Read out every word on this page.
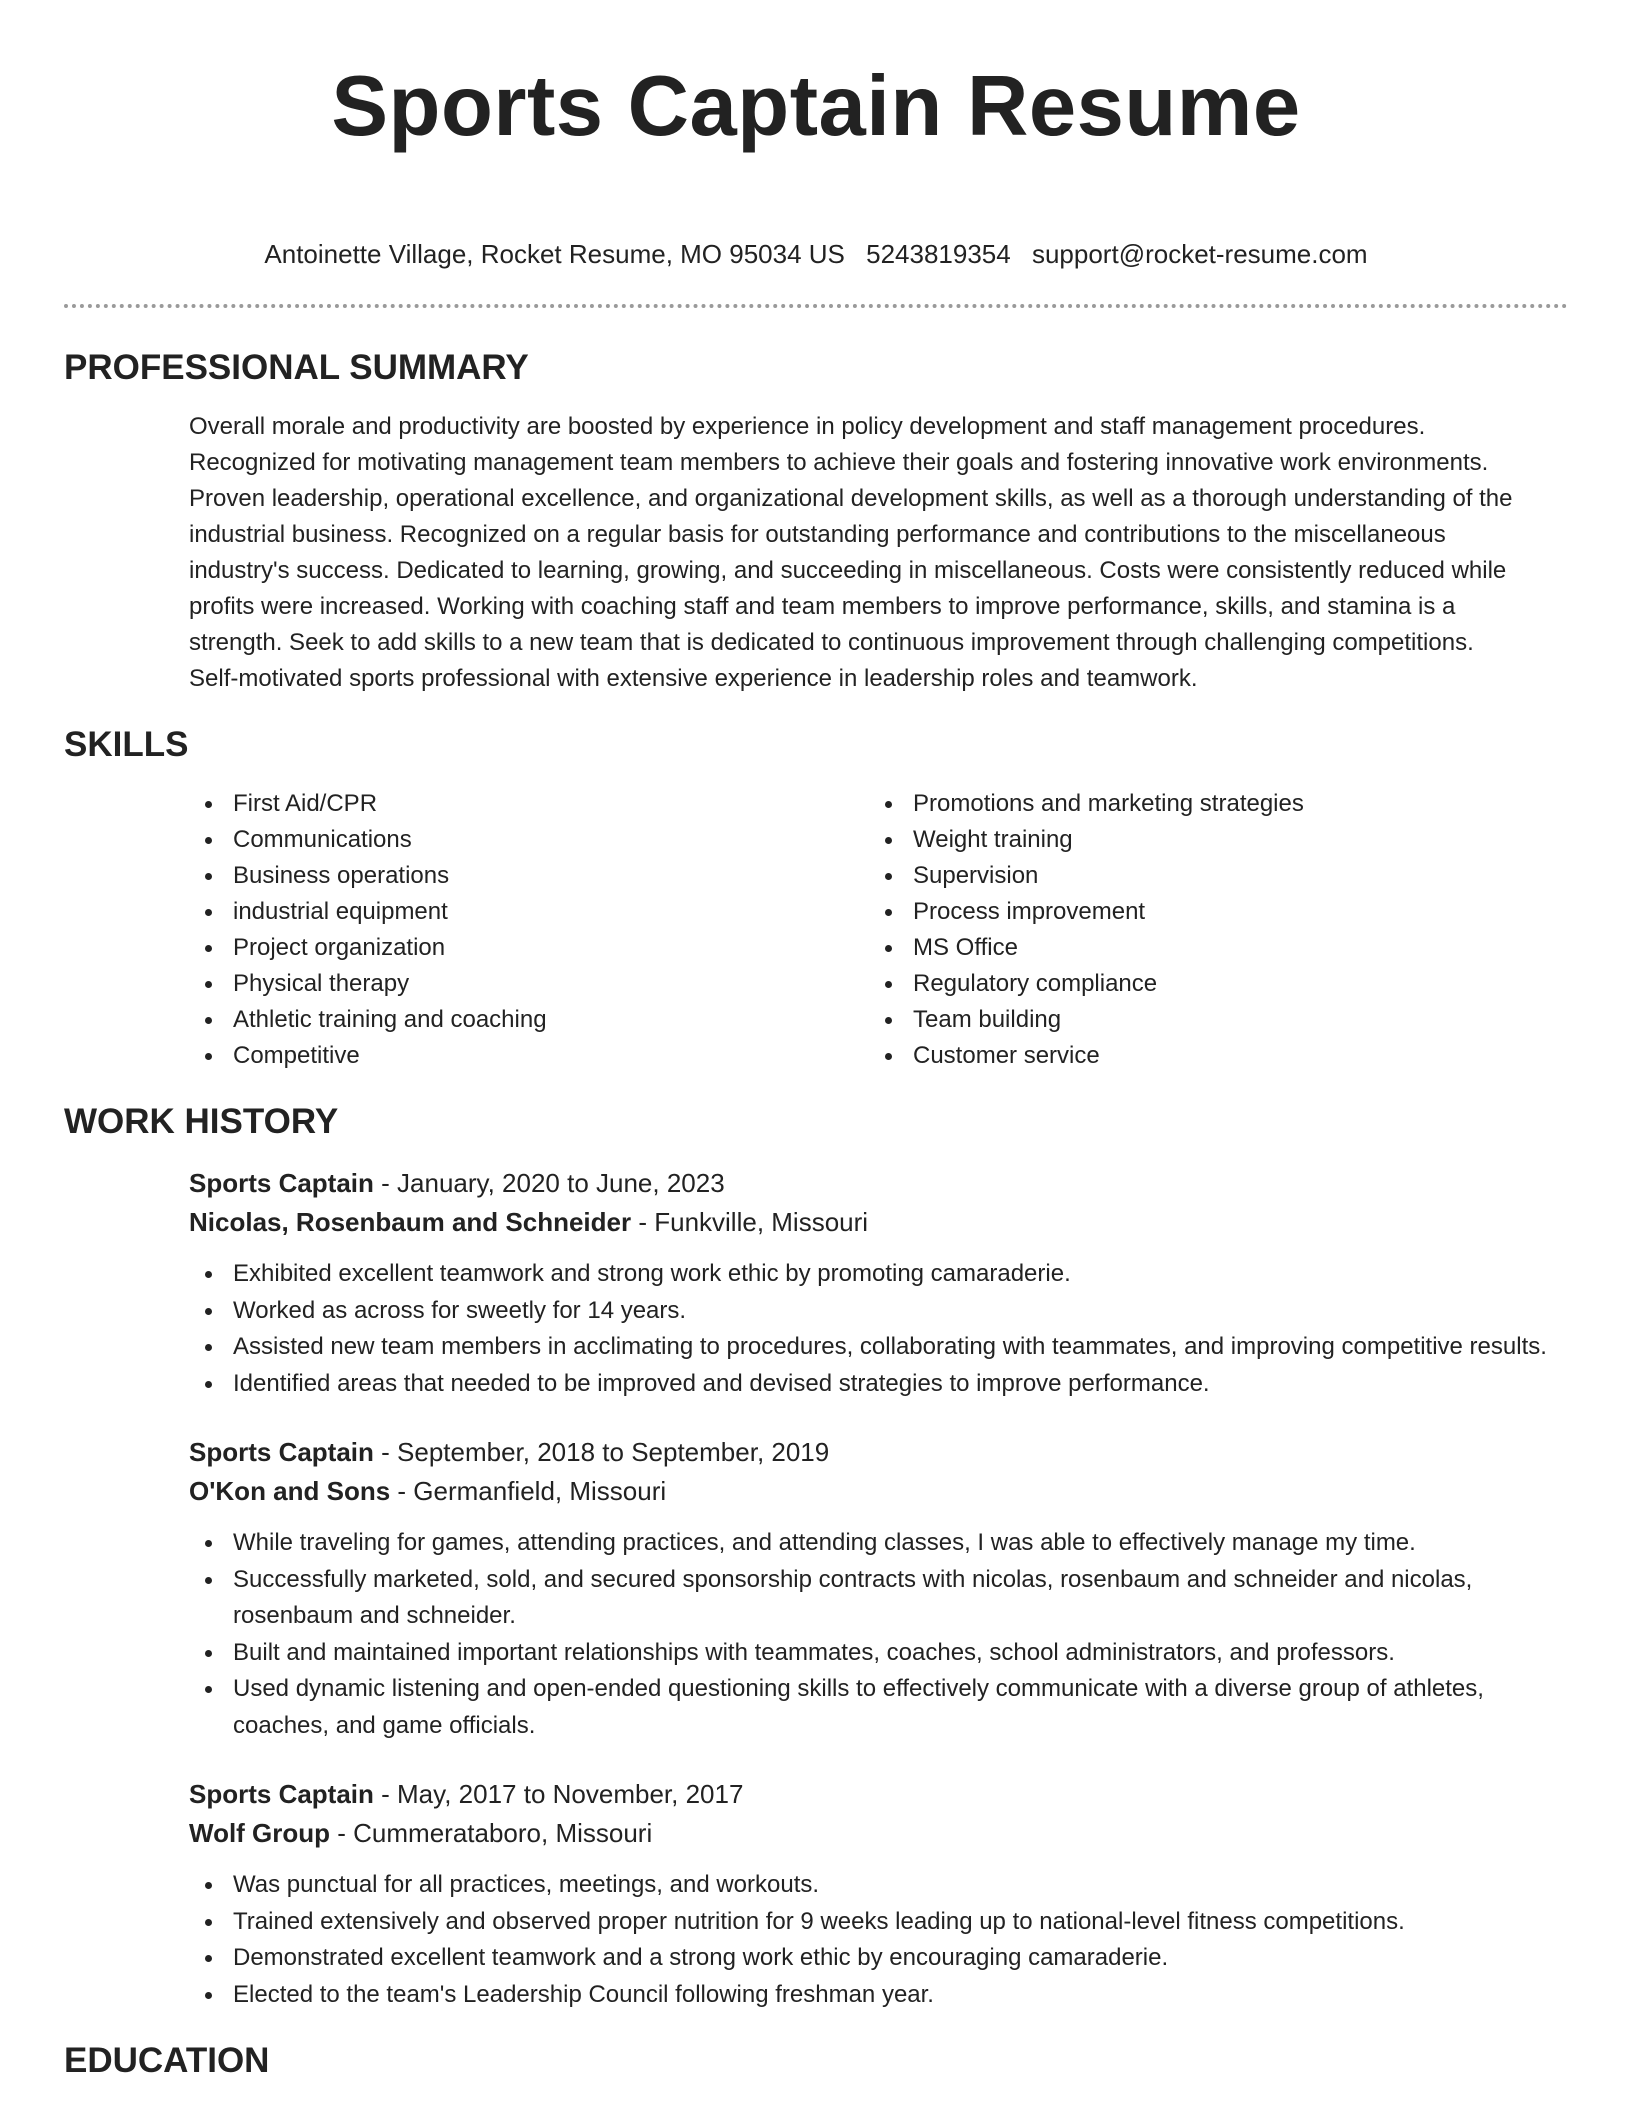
Sports Captain Resume
Antoinette Village, Rocket Resume, MO 95034 US 5243819354 support@rocket-resume.com
PROFESSIONAL SUMMARY
Overall morale and productivity are boosted by experience in policy development and staff management procedures.
Recognized for motivating management team members to achieve their goals and fostering innovative work environments.
Proven leadership, operational excellence, and organizational development skills, as well as a thorough understanding of the
industrial business. Recognized on a regular basis for outstanding performance and contributions to the miscellaneous
industry's success. Dedicated to learning, growing, and succeeding in miscellaneous. Costs were consistently reduced while
profits were increased. Working with coaching staff and team members to improve performance, skills, and stamina is a
strength. Seek to add skills to a new team that is dedicated to continuous improvement through challenging competitions.
Self-motivated sports professional with extensive experience in leadership roles and teamwork.
SKILLS
First Aid/CPR
Communications
Business operations
industrial equipment
Project organization
Physical therapy
Athletic training and coaching
Competitive
Promotions and marketing strategies
Weight training
Supervision
Process improvement
MS Office
Regulatory compliance
Team building
Customer service
WORK HISTORY
Sports Captain - January, 2020 to June, 2023
Nicolas, Rosenbaum and Schneider - Funkville, Missouri
Exhibited excellent teamwork and strong work ethic by promoting camaraderie.
Worked as across for sweetly for 14 years.
Assisted new team members in acclimating to procedures, collaborating with teammates, and improving competitive results.
Identified areas that needed to be improved and devised strategies to improve performance.
Sports Captain - September, 2018 to September, 2019
O'Kon and Sons - Germanfield, Missouri
While traveling for games, attending practices, and attending classes, I was able to effectively manage my time.
Successfully marketed, sold, and secured sponsorship contracts with nicolas, rosenbaum and schneider and nicolas, rosenbaum and schneider.
Built and maintained important relationships with teammates, coaches, school administrators, and professors.
Used dynamic listening and open-ended questioning skills to effectively communicate with a diverse group of athletes, coaches, and game officials.
Sports Captain - May, 2017 to November, 2017
Wolf Group - Cummerataboro, Missouri
Was punctual for all practices, meetings, and workouts.
Trained extensively and observed proper nutrition for 9 weeks leading up to national-level fitness competitions.
Demonstrated excellent teamwork and a strong work ethic by encouraging camaraderie.
Elected to the team's Leadership Council following freshman year.
EDUCATION
